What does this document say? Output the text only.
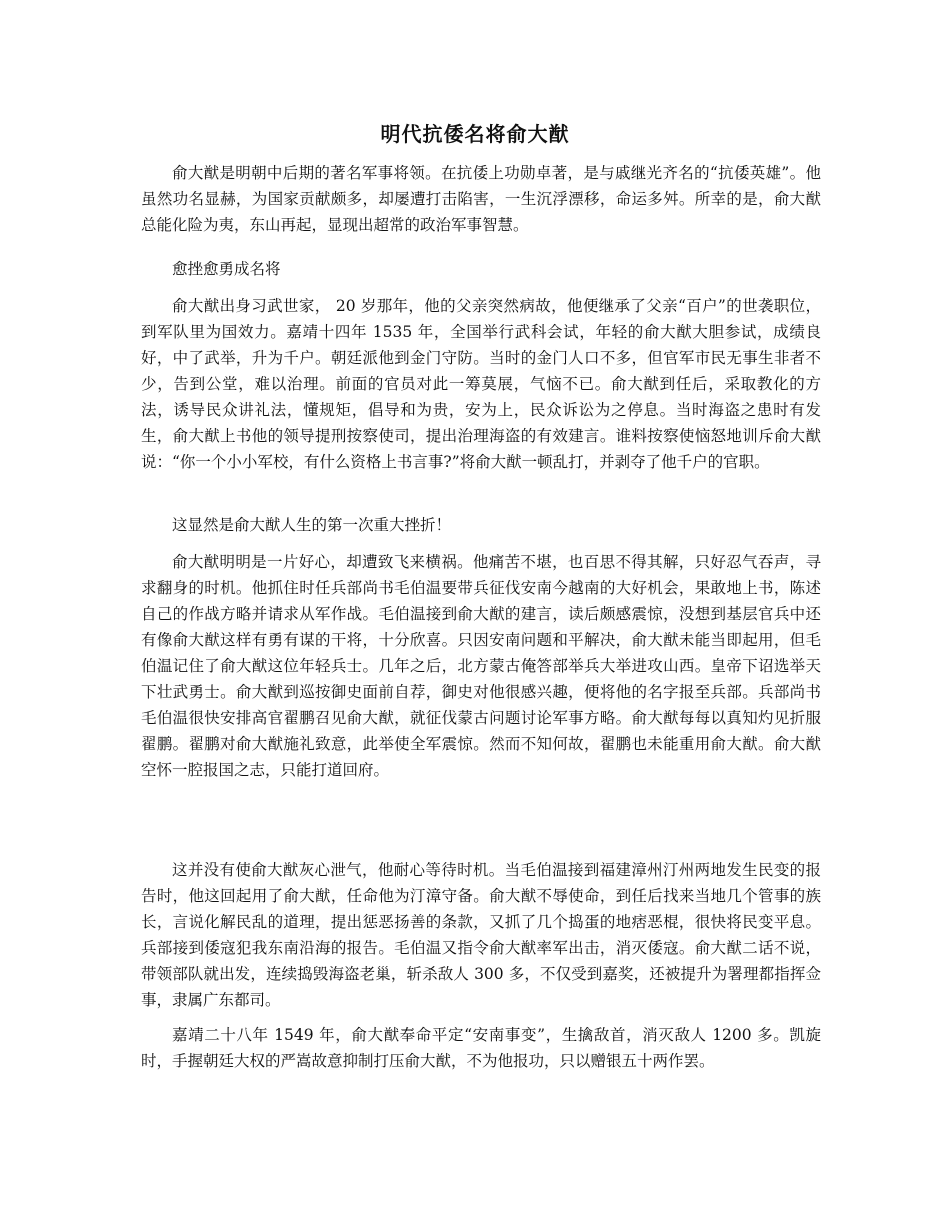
明代抗倭名将俞大猷

俞大猷是明朝中后期的著名军事将领。在抗倭上功勋卓著，是与戚继光齐名的“抗倭英雄”。他虽然功名显赫，为国家贡献颇多，却屡遭打击陷害，一生沉浮漂移，命运多舛。所幸的是，俞大猷总能化险为夷，东山再起，显现出超常的政治军事智慧。

愈挫愈勇成名将

俞大猷出身习武世家， 20 岁那年，他的父亲突然病故，他便继承了父亲“百户”的世袭职位，到军队里为国效力。嘉靖十四年 1535 年，全国举行武科会试，年轻的俞大猷大胆参试，成绩良好，中了武举，升为千户。朝廷派他到金门守防。当时的金门人口不多，但官军市民无事生非者不少，告到公堂，难以治理。前面的官员对此一筹莫展，气恼不已。俞大猷到任后，采取教化的方法，诱导民众讲礼法，懂规矩，倡导和为贵，安为上，民众诉讼为之停息。当时海盗之患时有发生，俞大猷上书他的领导提刑按察使司，提出治理海盗的有效建言。谁料按察使恼怒地训斥俞大猷说：“你一个小小军校，有什么资格上书言事?”将俞大猷一顿乱打，并剥夺了他千户的官职。

这显然是俞大猷人生的第一次重大挫折！

俞大猷明明是一片好心，却遭致飞来横祸。他痛苦不堪，也百思不得其解，只好忍气吞声，寻求翻身的时机。他抓住时任兵部尚书毛伯温要带兵征伐安南今越南的大好机会，果敢地上书，陈述自己的作战方略并请求从军作战。毛伯温接到俞大猷的建言，读后颇感震惊，没想到基层官兵中还有像俞大猷这样有勇有谋的干将，十分欣喜。只因安南问题和平解决，俞大猷未能当即起用，但毛伯温记住了俞大猷这位年轻兵士。几年之后，北方蒙古俺答部举兵大举进攻山西。皇帝下诏选举天下壮武勇士。俞大猷到巡按御史面前自荐，御史对他很感兴趣，便将他的名字报至兵部。兵部尚书毛伯温很快安排高官翟鹏召见俞大猷，就征伐蒙古问题讨论军事方略。俞大猷每每以真知灼见折服翟鹏。翟鹏对俞大猷施礼致意，此举使全军震惊。然而不知何故，翟鹏也未能重用俞大猷。俞大猷空怀一腔报国之志，只能打道回府。

这并没有使俞大猷灰心泄气，他耐心等待时机。当毛伯温接到福建漳州汀州两地发生民变的报告时，他这回起用了俞大猷，任命他为汀漳守备。俞大猷不辱使命，到任后找来当地几个管事的族长，言说化解民乱的道理，提出惩恶扬善的条款，又抓了几个捣蛋的地痞恶棍，很快将民变平息。兵部接到倭寇犯我东南沿海的报告。毛伯温又指令俞大猷率军出击，消灭倭寇。俞大猷二话不说，带领部队就出发，连续捣毁海盗老巢，斩杀敌人 300 多，不仅受到嘉奖，还被提升为署理都指挥佥事，隶属广东都司。

嘉靖二十八年 1549 年，俞大猷奉命平定“安南事变”，生擒敌首，消灭敌人 1200 多。凯旋时，手握朝廷大权的严嵩故意抑制打压俞大猷，不为他报功，只以赠银五十两作罢。
